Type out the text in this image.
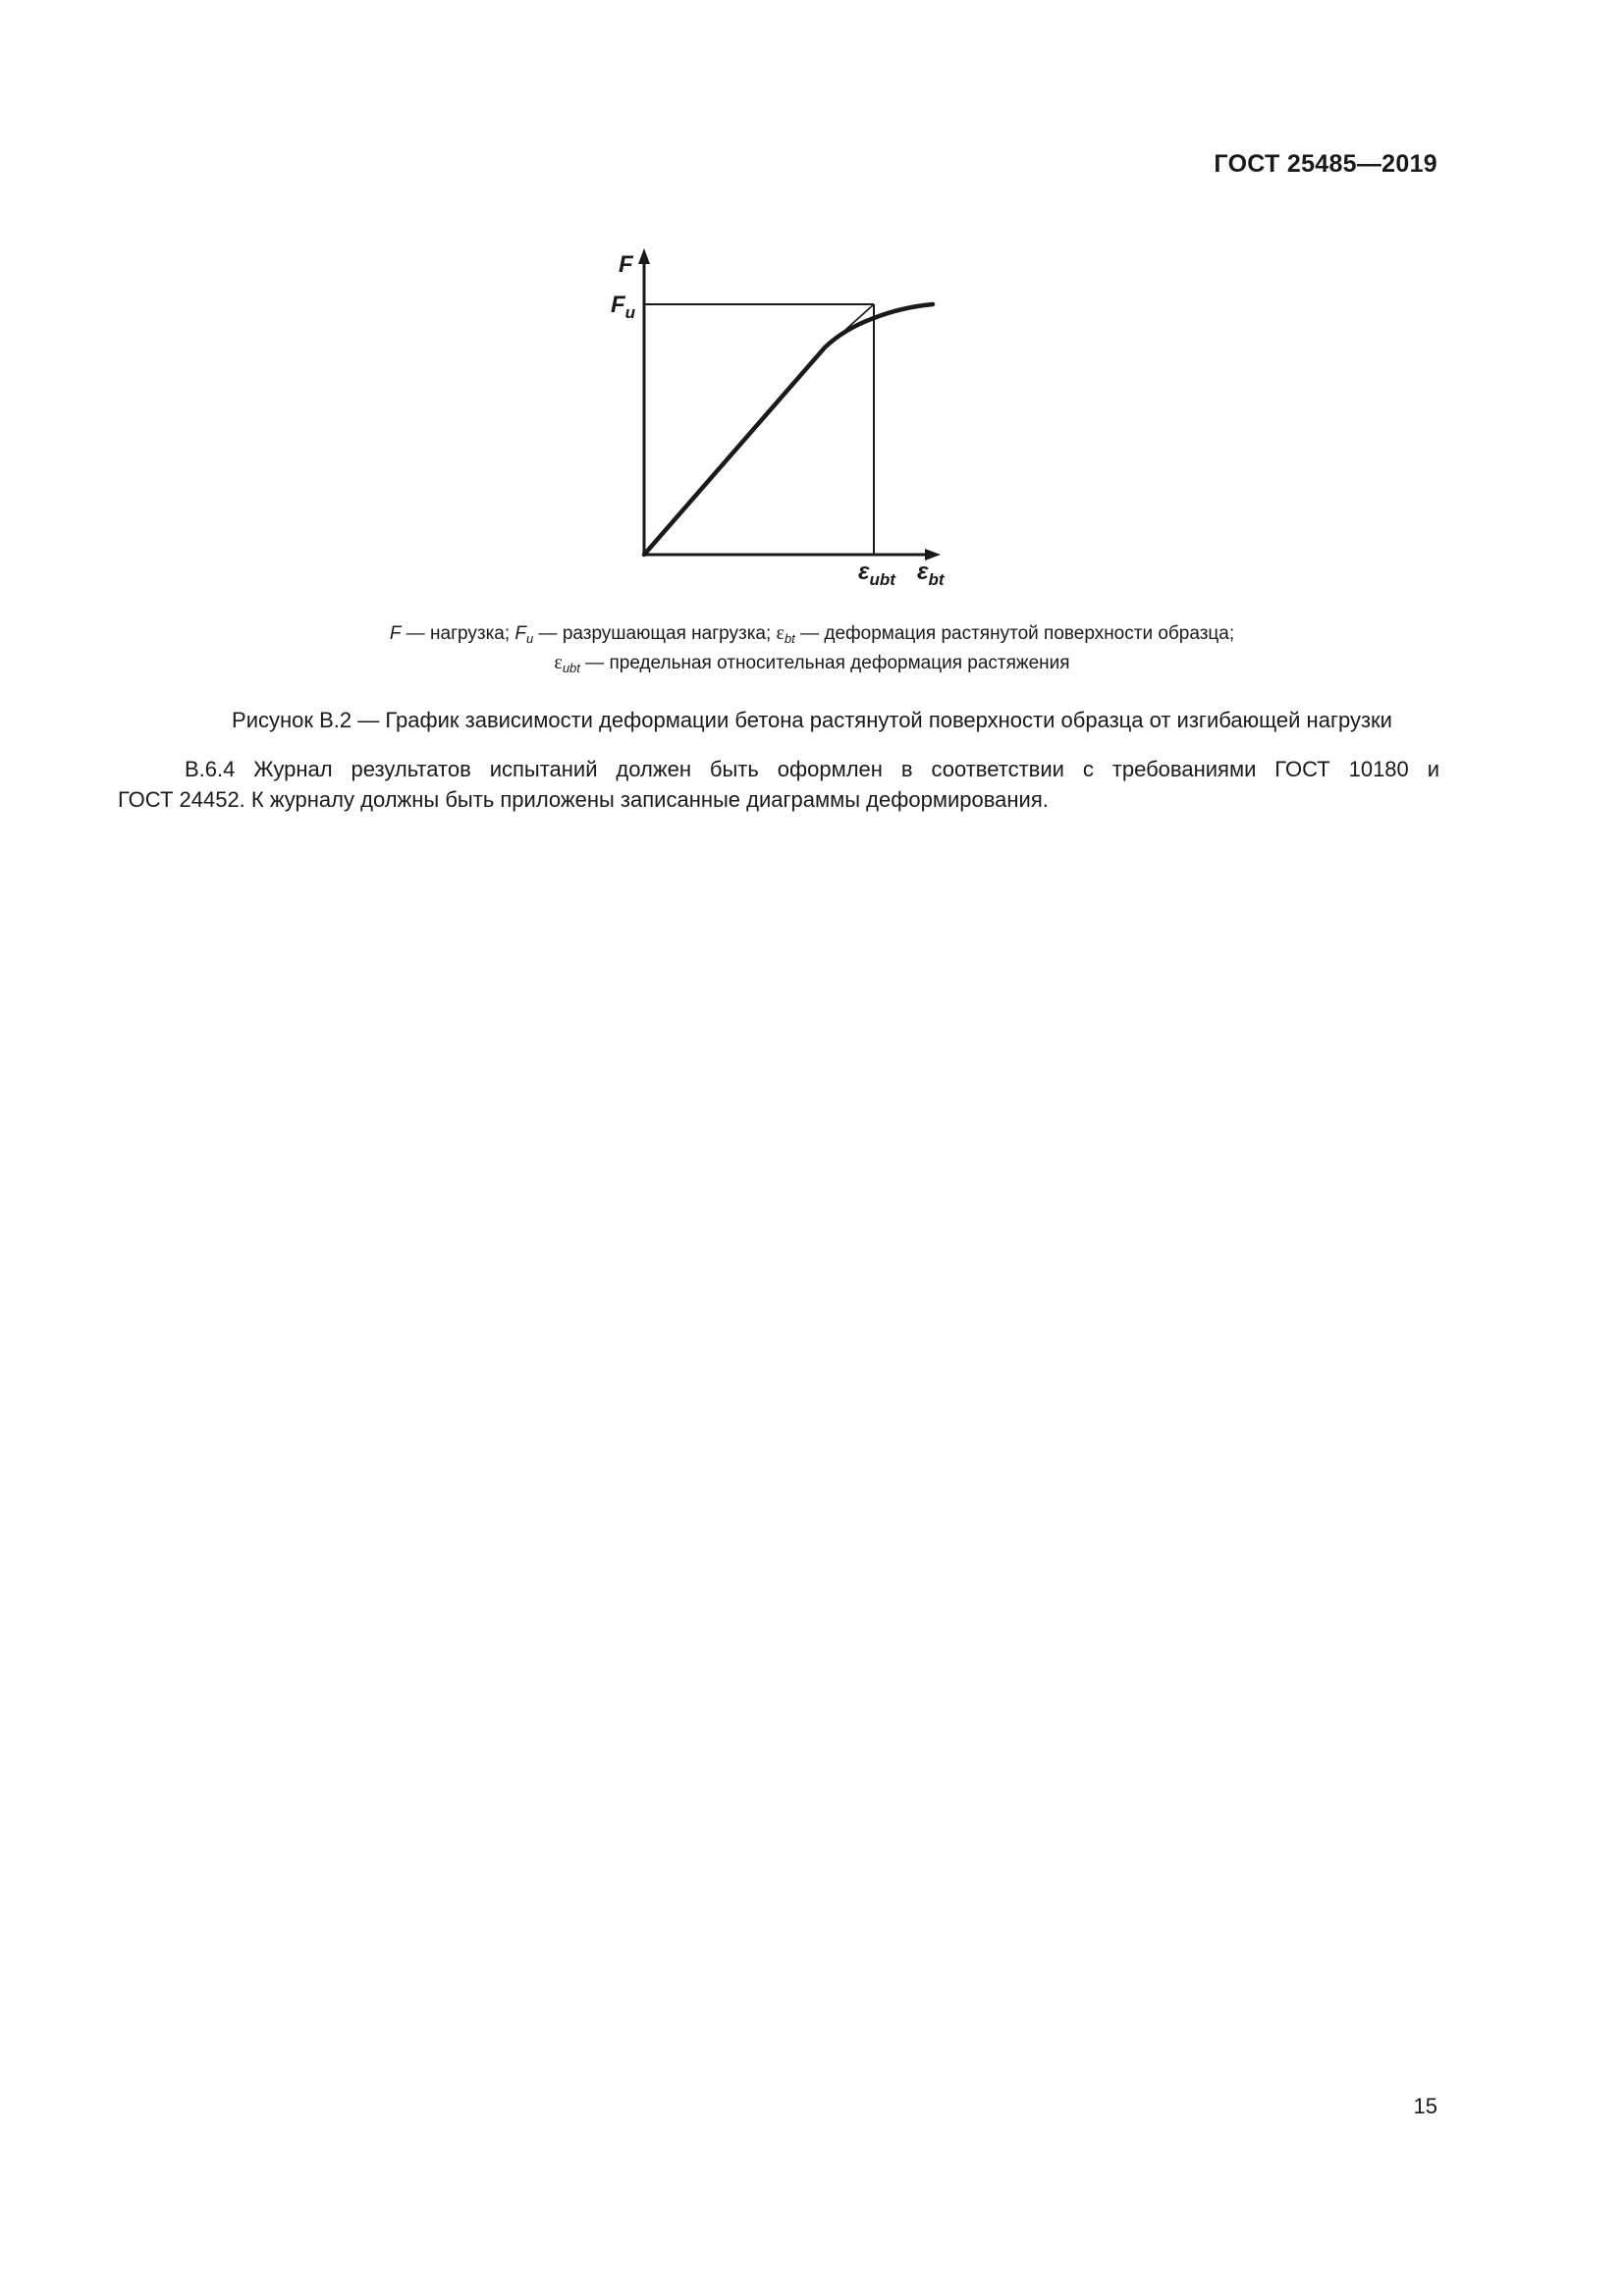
ГОСТ 25485—2019
F
$F_u$
$\varepsilon_{ubt}$ $\varepsilon_{bt}$
F — нагрузка; $F_u$ — разрушающая нагрузка; $\varepsilon_{bt}$ — деформация растянутой поверхности образца;
$\varepsilon_{ubt}$ — предельная относительная деформация растяжения
Рисунок В.2 — График зависимости деформации бетона растянутой поверхности образца от изгибающей нагрузки
В.6.4 Журнал результатов испытаний должен быть оформлен в соответствии с требованиями ГОСТ 10180 и
ГОСТ 24452. К журналу должны быть приложены записанные диаграммы деформирования.
15
